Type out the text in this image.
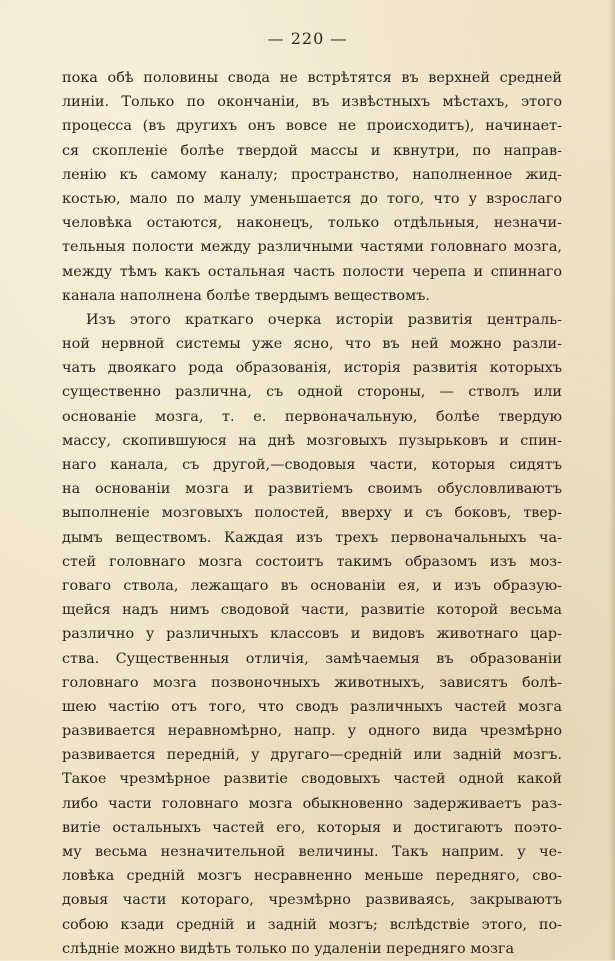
— 220 —
пока обѣ половины свода не встрѣтятся въ верхней средней
линіи. Только по окончаніи, въ извѣстныхъ мѣстахъ, этого
процесса (въ другихъ онъ вовсе не происходитъ), начинает-
ся скопленіе болѣе твердой массы и квнутри, по направ-
ленію къ самому каналу; пространство, наполненное жид-
костью, мало по малу уменьшается до того, что у взрослаго
человѣка остаются, наконецъ, только отдѣльныя, незначи-
тельныя полости между различными частями головнаго мозга,
между тѣмъ какъ остальная часть полости черепа и спиннаго
канала наполнена болѣе твердымъ веществомъ.
Изъ этого краткаго очерка исторіи развитія централь-
ной нервной системы уже ясно, что въ ней можно разли-
чать двоякаго рода образованія, исторія развитія которыхъ
существенно различна, съ одной стороны, — стволъ или
основаніе мозга, т. е. первоначальную, болѣе твердую
массу, скопившуюся на днѣ мозговыхъ пузырьковъ и спин-
наго канала, съ другой,—сводовыя части, которыя сидятъ
на основаніи мозга и развитіемъ своимъ обусловливаютъ
выполненіе мозговыхъ полостей, вверху и съ боковъ, твер-
дымъ веществомъ. Каждая изъ трехъ первоначальныхъ ча-
стей головнаго мозга состоитъ такимъ образомъ изъ моз-
говаго ствола, лежащаго въ основаніи ея, и изъ образую-
щейся надъ нимъ сводовой части, развитіе которой весьма
различно у различныхъ классовъ и видовъ животнаго цар-
ства. Существенныя отличія, замѣчаемыя въ образованіи
головнаго мозга позвоночныхъ животныхъ, зависятъ болѣ-
шею частію отъ того, что сводъ различныхъ частей мозга
развивается неравномѣрно, напр. у одного вида чрезмѣрно
развивается передній, у другаго—средній или задній мозгъ.
Такое чрезмѣрное развитіе сводовыхъ частей одной какой
либо части головнаго мозга обыкновенно задерживаетъ раз-
витіе остальныхъ частей его, которыя и достигаютъ поэто-
му весьма незначительной величины. Такъ наприм. у че-
ловѣка средній мозгъ несравненно меньше передняго, сво-
довыя части котораго, чрезмѣрно развиваясь, закрываютъ
собою кзади средній и задній мозгъ; вслѣдствіе этого, по-
слѣдніе можно видѣть только по удаленіи передняго мозга
